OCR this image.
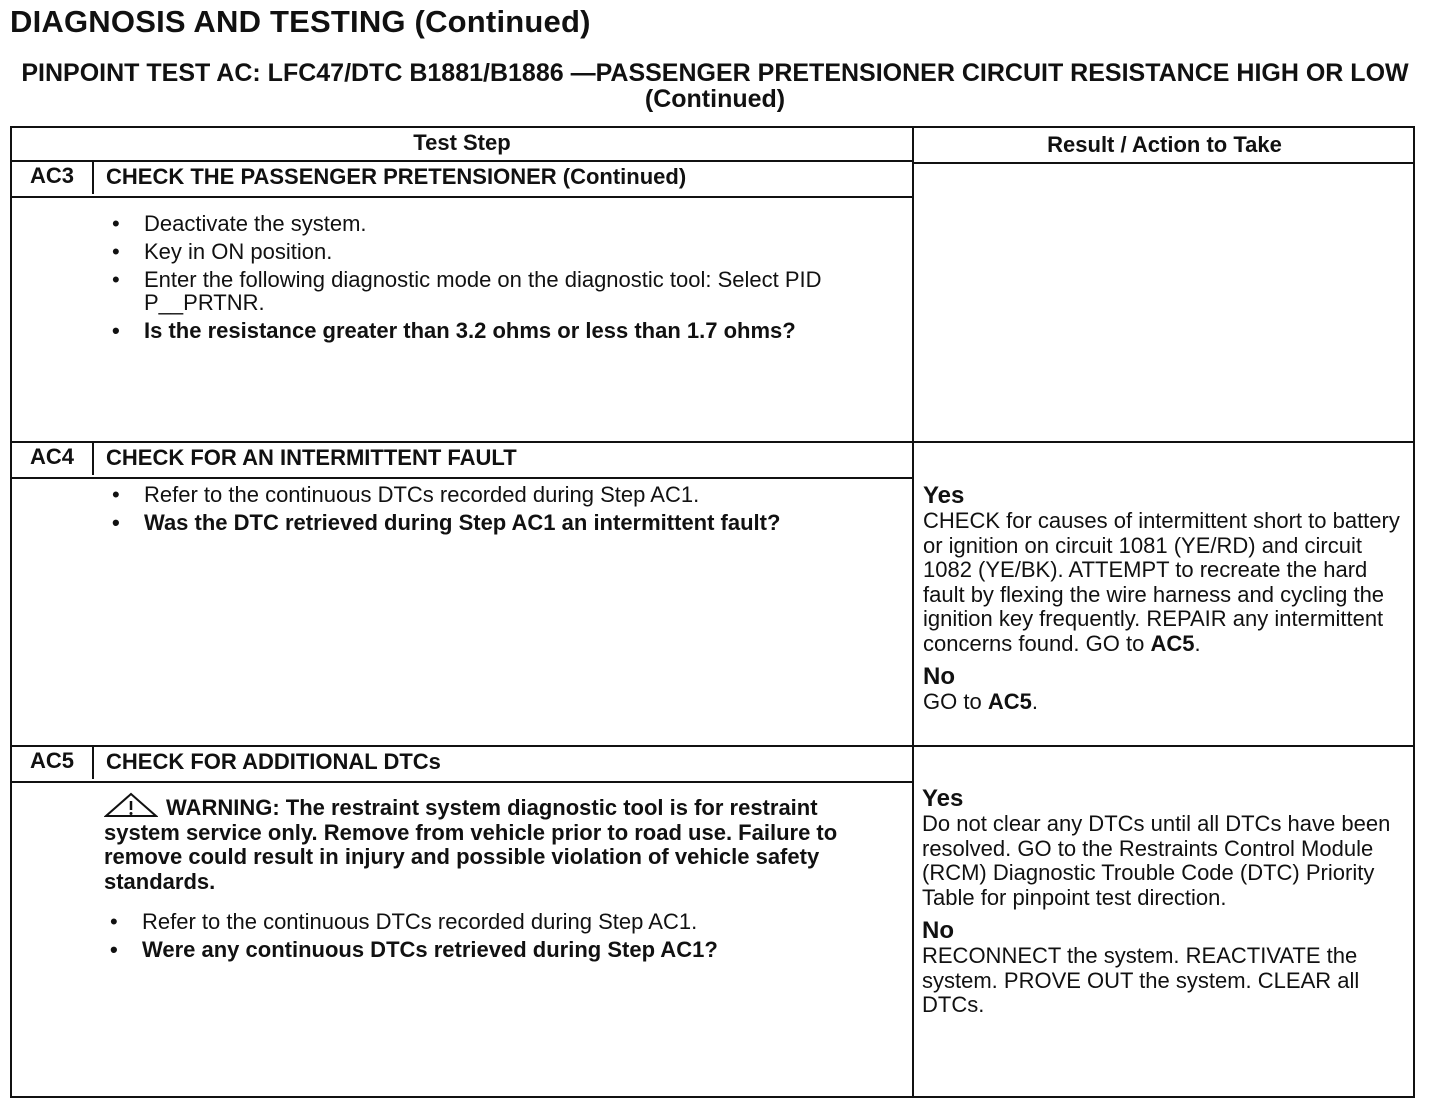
DIAGNOSIS AND TESTING (Continued)
PINPOINT TEST AC: LFC47/DTC B1881/B1886 —PASSENGER PRETENSIONER CIRCUIT RESISTANCE HIGH OR LOW (Continued)
Test Step	Result / Action to Take
AC3	CHECK THE PASSENGER PRETENSIONER (Continued)
• Deactivate the system.
• Key in ON position.
• Enter the following diagnostic mode on the diagnostic tool: Select PID P__PRTNR.
• Is the resistance greater than 3.2 ohms or less than 1.7 ohms?
AC4	CHECK FOR AN INTERMITTENT FAULT
• Refer to the continuous DTCs recorded during Step AC1.
• Was the DTC retrieved during Step AC1 an intermittent fault?
Yes

CHECK for causes of intermittent short to battery or ignition on circuit 1081 (YE/RD) and circuit 1082 (YE/BK). ATTEMPT to recreate the hard fault by flexing the wire harness and cycling the ignition key frequently. REPAIR any intermittent concerns found. GO to AC5.

No

GO to AC5.

AC5	CHECK FOR ADDITIONAL DTCs
WARNING: The restraint system diagnostic tool is for restraint system service only. Remove from vehicle prior to road use. Failure to remove could result in injury and possible violation of vehicle safety standards.
• Refer to the continuous DTCs recorded during Step AC1.
• Were any continuous DTCs retrieved during Step AC1?
Yes

Do not clear any DTCs until all DTCs have been resolved. GO to the Restraints Control Module (RCM) Diagnostic Trouble Code (DTC) Priority Table for pinpoint test direction.

No

RECONNECT the system. REACTIVATE the system. PROVE OUT the system. CLEAR all DTCs.
